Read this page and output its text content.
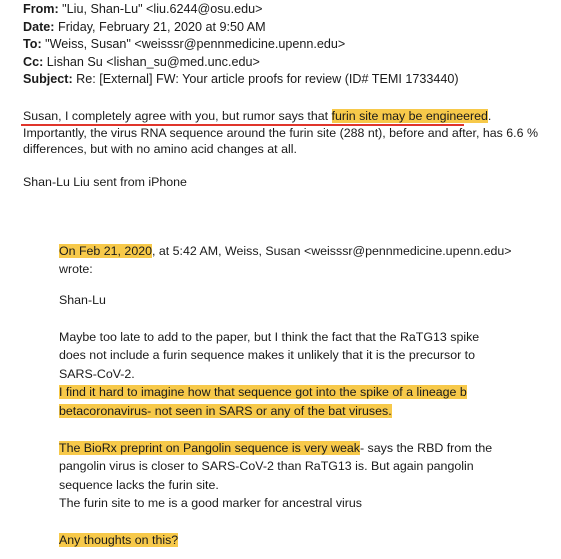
From: "Liu, Shan-Lu" <liu.6244@osu.edu>
Date: Friday, February 21, 2020 at 9:50 AM
To: "Weiss, Susan" <weisssr@pennmedicine.upenn.edu>
Cc: Lishan Su <lishan_su@med.unc.edu>
Subject: Re: [External] FW: Your article proofs for review (ID# TEMI 1733440)
Susan, I completely agree with you, but rumor says that furin site may be engineered. Importantly, the virus RNA sequence around the furin site (288 nt), before and after, has 6.6 % differences, but with no amino acid changes at all.
Shan-Lu Liu sent from iPhone
On Feb 21, 2020, at 5:42 AM, Weiss, Susan <weisssr@pennmedicine.upenn.edu>
wrote:
Shan-Lu
Maybe too late to add to the paper, but I think the fact that the RaTG13 spike
does not include a furin sequence makes it unlikely that it is the precursor to
SARS-CoV-2.
I find it hard to imagine how that sequence got into the spike of a lineage b
betacoronavirus- not seen in SARS or any of the bat viruses.
The BioRx preprint on Pangolin sequence is very weak- says the RBD from the
pangolin virus is closer to SARS-CoV-2 than RaTG13 is. But again pangolin
sequence lacks the furin site.
The furin site to me is a good marker for ancestral virus
Any thoughts on this?
